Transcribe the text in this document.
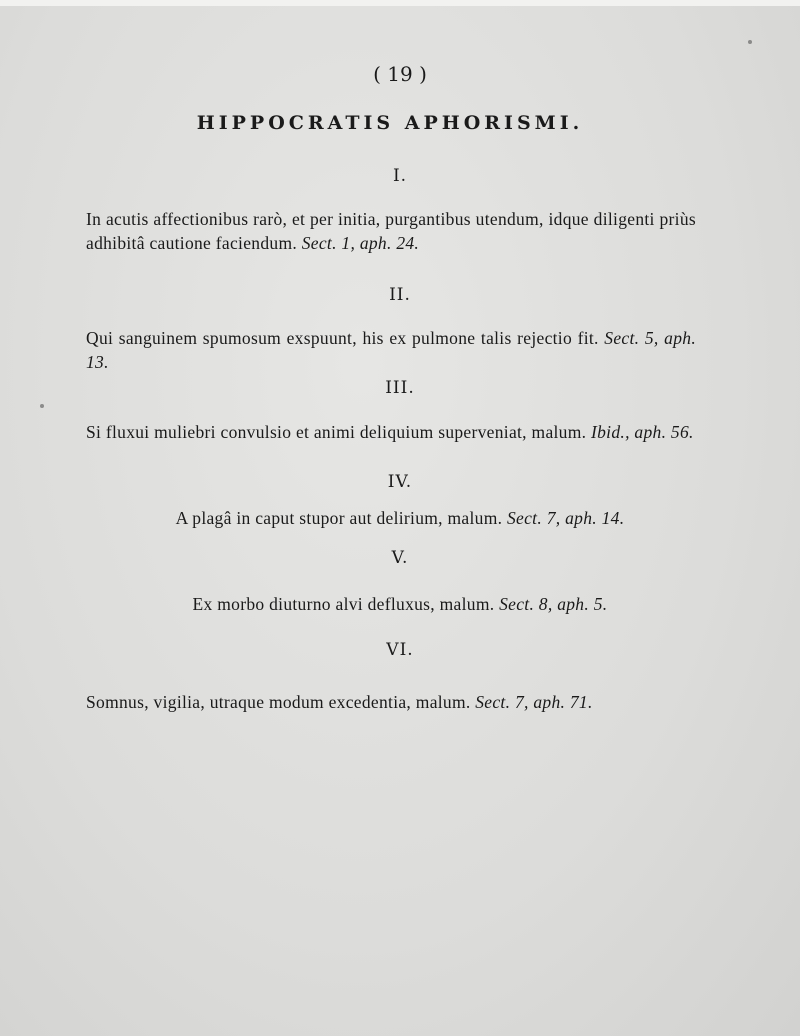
( 19 )
HIPPOCRATIS APHORISMI.
I.
In acutis affectionibus rarò, et per initia, purgantibus utendum, idque diligenti priùs adhibitâ cautione faciendum. Sect. 1, aph. 24.
II.
Qui sanguinem spumosum exspuunt, his ex pulmone talis rejectio fit. Sect. 5, aph. 13.
III.
Si fluxui muliebri convulsio et animi deliquium superveniat, malum. Ibid., aph. 56.
IV.
A plagâ in caput stupor aut delirium, malum. Sect. 7, aph. 14.
V.
Ex morbo diuturno alvi defluxus, malum. Sect. 8, aph. 5.
VI.
Somnus, vigilia, utraque modum excedentia, malum. Sect. 7, aph. 71.
